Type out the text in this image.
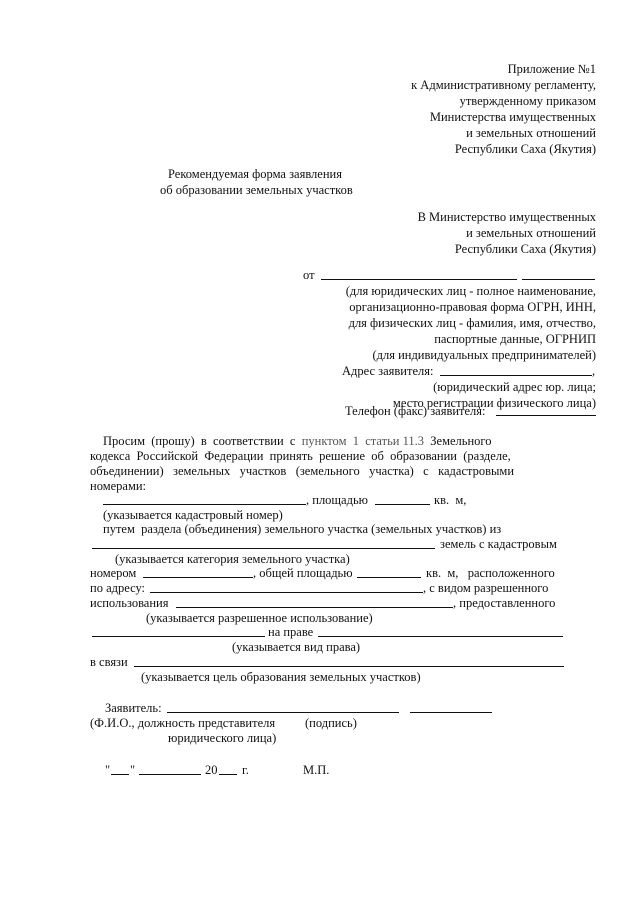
Приложение №1
к Административному регламенту,
утвержденному приказом
Министерства имущественных
и земельных отношений
Республики Саха (Якутия)
Рекомендуемая форма заявления
об образовании земельных участков
В Министерство имущественных
и земельных отношений
Республики Саха (Якутия)
от
(для юридических лиц - полное наименование,
организационно-правовая форма ОГРН, ИНН,
для физических лиц - фамилия, имя, отчество,
паспортные данные, ОГРНИП
(для индивидуальных предпринимателей)
Адрес заявителя:	,
(юридический адрес юр. лица;
место регистрации физического лица)
Телефон (факс) заявителя:
Просим  (прошу)  в  соответствии  с  пунктом  1  статьи 11.3  Земельного
кодекса  Российской  Федерации  принять  решение  об  образовании  (разделе,
объединении)   земельных   участков   (земельного   участка)   с   кадастровыми
номерами:
, площадью	кв.  м,
(указывается кадастровый номер)
путем  раздела (объединения) земельного участка (земельных участков) из
земель с кадастровым
(указывается категория земельного участка)
номером	, общей площадью	кв.  м,   расположенного
по адресу:	, с видом разрешенного
использования	, предоставленного
(указывается разрешенное использование)
на праве
(указывается вид права)
в связи
(указывается цель образования земельных участков)
Заявитель:
(Ф.И.О., должность представителя (подпись)
юридического лица)
" "	20 г.	М.П.
